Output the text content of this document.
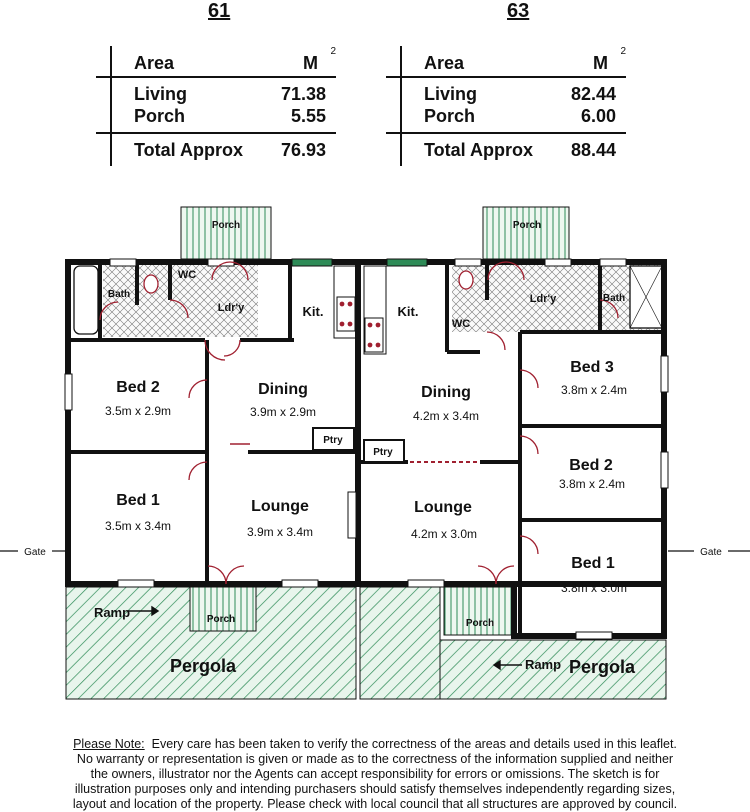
61
Area	M
2
Living	71.38
Porch	5.55
Total Approx 76.93
63
Area	M
2
Living	82.44
Porch	6.00
Total Approx 88.44
Porch
Bath
WC
Ldr'y	Kit.
Bed 2
3.5m x 2.9m
Dining
3.9m x 2.9m
Ptry
Bed 1
3.5m x 3.4m
Lounge
3.9m x 3.4m
Ramp	Porch
Pergola
Gate
Porch
Ldr'y	Bath
Kit.
WC
Dining
4.2m x 3.4m
Bed 3
3.8m x 2.4m
Ptry
Bed 2
3.8m x 2.4m
Lounge
4.2m x 3.0m
Bed 1
3.8m x 3.0m
Porch
Ramp Pergola
Gate
Please Note: Every care has been taken to verify the correctness of the areas and details used in this leaflet.
No warranty or representation is given or made as to the correctness of the information supplied and neither
the owners, illustrator nor the Agents can accept responsibility for errors or omissions. The sketch is for
illustration purposes only and intending purchasers should satisfy themselves independently regarding sizes,
layout and location of the property. Please check with local council that all structures are approved by council.
